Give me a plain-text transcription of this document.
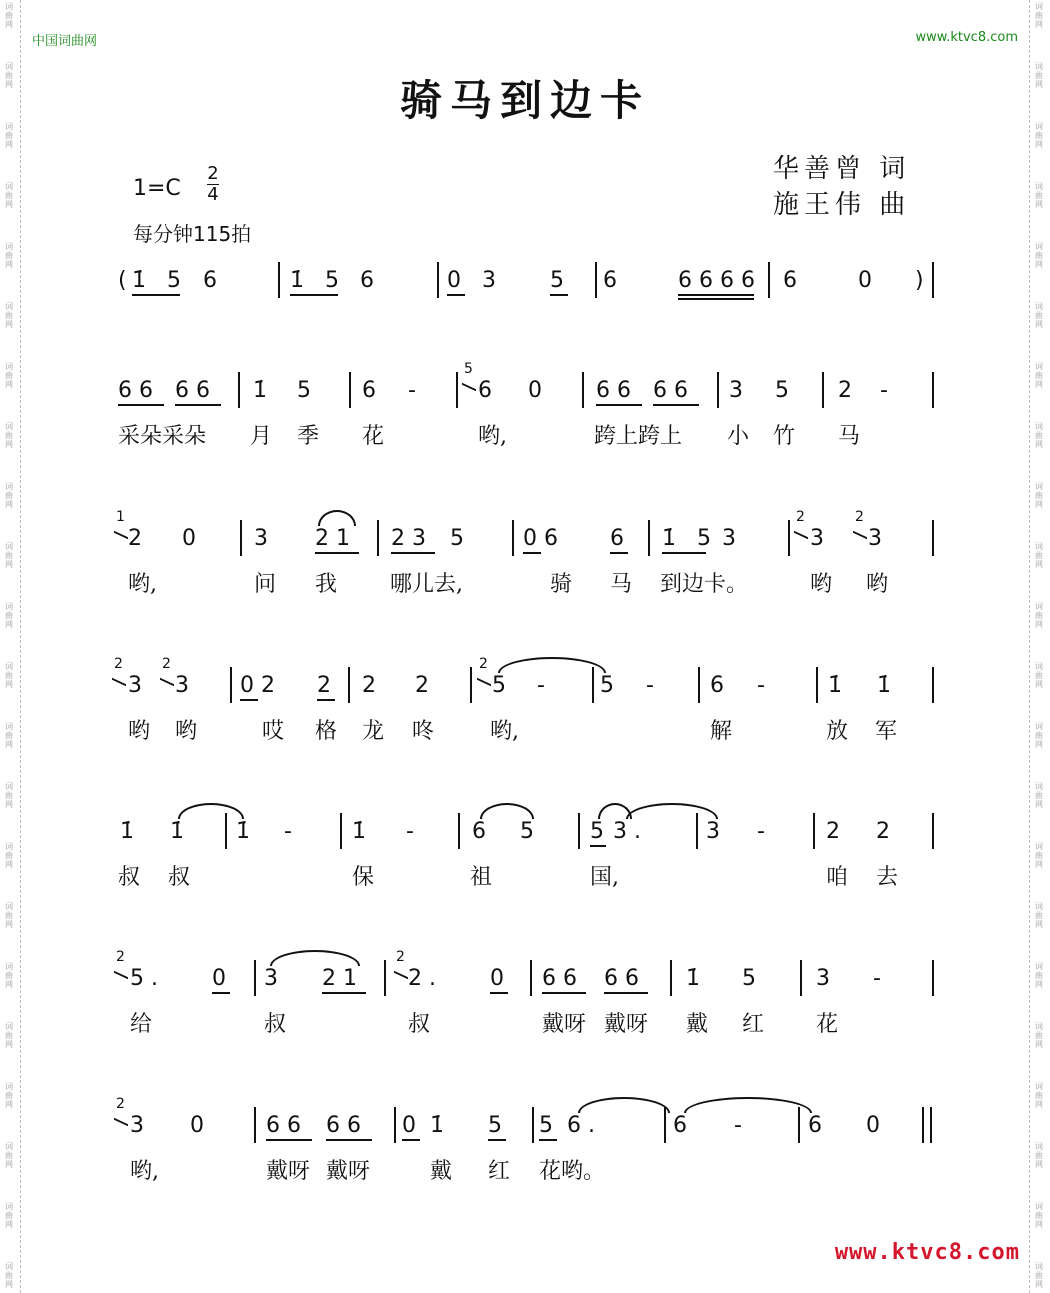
词
曲
网
词
曲
网
词
曲
网
词
曲
网
词
曲
网
词
曲
网
词
曲
网
词
曲
网
词
曲
网
词
曲
网
词
曲
网
词
曲
网
词
曲
网
词
曲
网
词
曲
网
词
曲
网
词
曲
网
词
曲
网
词
曲
网
词
曲
网
词
曲
网
词
曲
网
词
曲
网
词
曲
网
词
曲
网
词
曲
网
词
曲
网
词
曲
网
词
曲
网
词
曲
网
词
曲
网
词
曲
网
词
曲
网
词
曲
网
词
曲
网
词
曲
网
词
曲
网
词
曲
网
词
曲
网
词
曲
网
词
曲
网
词
曲
网
词
曲
网
词
曲
网
中国词曲网	www.ktvc8.com
骑马到边卡
华善曾 词
施王伟 曲
1=C
2
4
每分钟115拍
( 1̇   5 6	1̇   5 6	0   3 5 6	6 6 6 6 6	0 )
6 6 6 6 1̇ 5 6 -	6 0 6 6 6 6 3 5 2 -
采朵采朵 月 季 花	哟,	跨上跨上 小 竹 马
5
2 0	3 2 1 2 3 5	0 6 6 1̇   5 3	3 3
哟,	问 我 哪儿去,	骑 马 到边卡。	哟 哟
1	2	2
3 3 0 2 2 2 2	5 -	5 -	6 -	1̇ 1̇
哟 哟	哎 格 龙 咚	哟,	解	放 军
2	2	2
1̇ 1̇ 1̇ -	1̇ -	6 5	5 3 .	3 -	2 2
叔 叔	保	祖	国,	咱 去
5 . 0 3 2 1 2 . 0 6 6 6 6 1̇ 5	3 -
给	叔	叔	戴呀 戴呀 戴 红 花
2	2
3 0	6 6 6 6 0 1̇ 5 5 6 .	6 -	6 0
哟,	戴呀 戴呀	戴 红 花哟。
2
www.ktvc8.com
